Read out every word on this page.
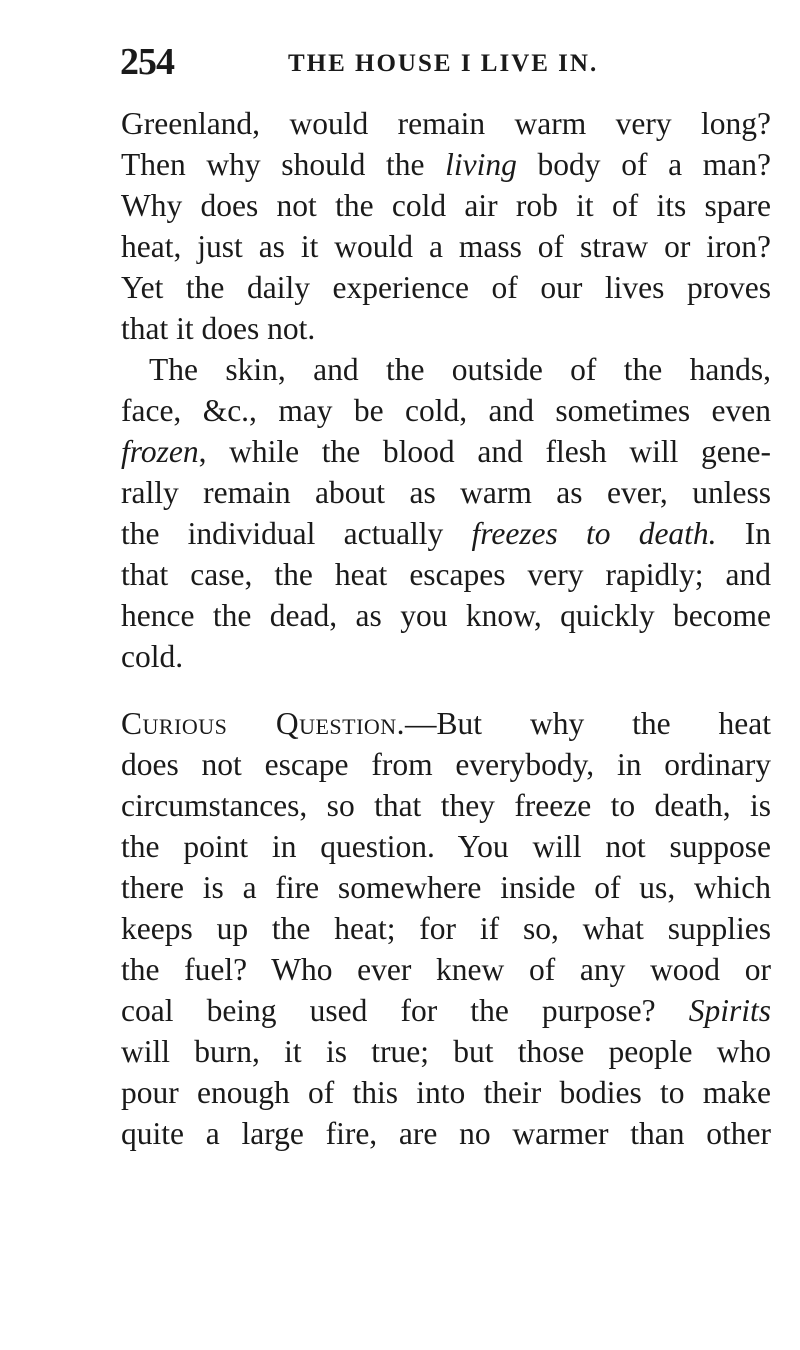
254	THE HOUSE I LIVE IN.
Greenland, would remain warm very long?
Then why should the living body of a man?
Why does not the cold air rob it of its spare
heat, just as it would a mass of straw or iron?
Yet the daily experience of our lives proves
that it does not.
The skin, and the outside of the hands,
face, &c., may be cold, and sometimes even
frozen, while the blood and flesh will gene-
rally remain about as warm as ever, unless
the individual actually freezes to death. In
that case, the heat escapes very rapidly; and
hence the dead, as you know, quickly become
cold.
Curious Question.—But why the heat
does not escape from everybody, in ordinary
circumstances, so that they freeze to death, is
the point in question. You will not suppose
there is a fire somewhere inside of us, which
keeps up the heat; for if so, what supplies
the fuel? Who ever knew of any wood or
coal being used for the purpose? Spirits
will burn, it is true; but those people who
pour enough of this into their bodies to make
quite a large fire, are no warmer than other
